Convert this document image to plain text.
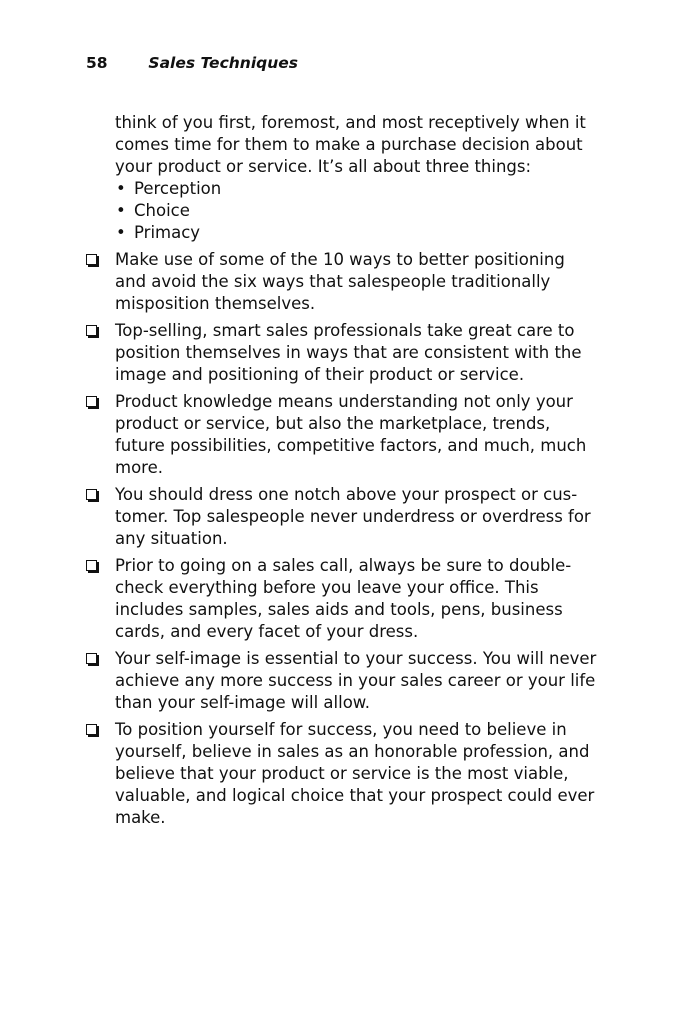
58	Sales Techniques

think of you first, foremost, and most receptively when it comes time for them to make a purchase decision about your product or service. It’s all about three things:

• Perception
• Choice
• Primacy
Make use of some of the 10 ways to better positioning and avoid the six ways that salespeople traditionally misposition themselves.
Top-selling, smart sales professionals take great care to position themselves in ways that are consistent with the image and positioning of their product or service.
Product knowledge means understanding not only your product or service, but also the marketplace, trends, future possibilities, competitive factors, and much, much more.
You should dress one notch above your prospect or customer. Top salespeople never underdress or overdress for any situation.
Prior to going on a sales call, always be sure to doublecheck everything before you leave your office. This includes samples, sales aids and tools, pens, business cards, and every facet of your dress.
Your self-image is essential to your success. You will never achieve any more success in your sales career or your life than your self-image will allow.
To position yourself for success, you need to believe in yourself, believe in sales as an honorable profession, and believe that your product or service is the most viable, valuable, and logical choice that your prospect could ever make.
